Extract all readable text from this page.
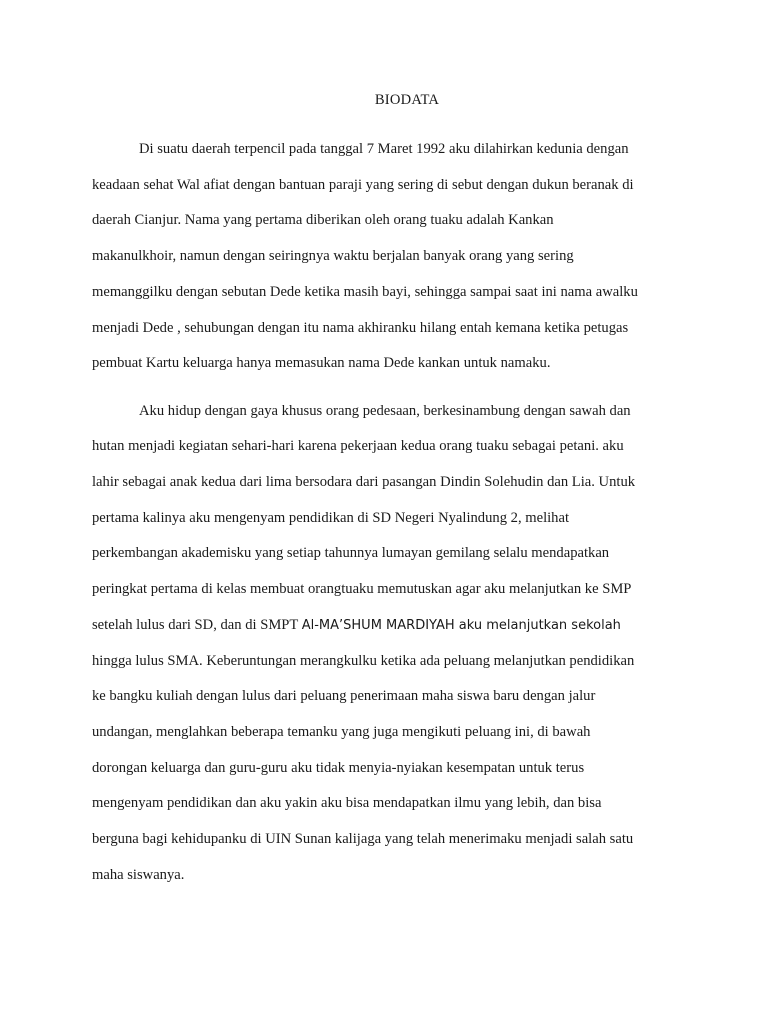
BIODATA
Di suatu daerah terpencil pada tanggal 7 Maret 1992 aku dilahirkan kedunia dengan
keadaan sehat Wal afiat dengan bantuan paraji yang sering di sebut dengan dukun beranak di
daerah Cianjur. Nama yang pertama diberikan oleh orang tuaku adalah Kankan
makanulkhoir, namun dengan seiringnya waktu berjalan banyak orang yang sering
memanggilku dengan sebutan Dede ketika masih bayi, sehingga sampai saat ini nama awalku
menjadi Dede , sehubungan dengan itu nama akhiranku hilang entah kemana ketika petugas
pembuat Kartu keluarga hanya memasukan nama Dede kankan untuk namaku.
Aku hidup dengan gaya khusus orang pedesaan, berkesinambung dengan sawah dan
hutan menjadi kegiatan sehari-hari karena pekerjaan kedua orang tuaku sebagai petani. aku
lahir sebagai anak kedua dari lima bersodara dari pasangan Dindin Solehudin dan Lia. Untuk
pertama kalinya aku mengenyam pendidikan di SD Negeri Nyalindung 2, melihat
perkembangan akademisku yang setiap tahunnya lumayan gemilang selalu mendapatkan
peringkat pertama di kelas membuat orangtuaku memutuskan agar aku melanjutkan ke SMP
setelah lulus dari SD, dan di SMPT Al-MA’SHUM MARDIYAH aku melanjutkan sekolah
hingga lulus SMA. Keberuntungan merangkulku ketika ada peluang melanjutkan pendidikan
ke bangku kuliah dengan lulus dari peluang penerimaan maha siswa baru dengan jalur
undangan, menglahkan beberapa temanku yang juga mengikuti peluang ini, di bawah
dorongan keluarga dan guru-guru aku tidak menyia-nyiakan kesempatan untuk terus
mengenyam pendidikan dan aku yakin aku bisa mendapatkan ilmu yang lebih, dan bisa
berguna bagi kehidupanku di UIN Sunan kalijaga yang telah menerimaku menjadi salah satu
maha siswanya.
